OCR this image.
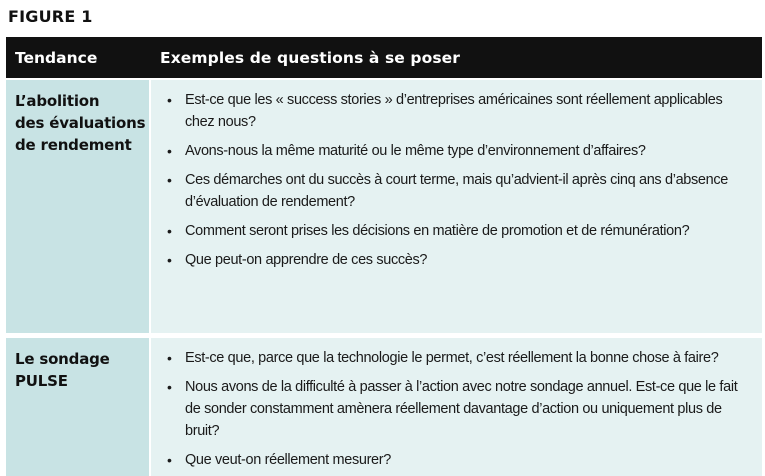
FIGURE 1
Tendance	Exemples de questions à se poser
L’abolition
des évaluations
de rendement
• Est-ce que les « success stories » d’entreprises américaines sont réellement applicables chez nous?
• Avons-nous la même maturité ou le même type d’environnement d’affaires?
• Ces démarches ont du succès à court terme, mais qu’advient-il après cinq ans d’absence d’évaluation de rendement?
• Comment seront prises les décisions en matière de promotion et de rémunération?
• Que peut-on apprendre de ces succès?
Le sondage
PULSE
• Est-ce que, parce que la technologie le permet, c’est réellement la bonne chose à faire?
• Nous avons de la difficulté à passer à l’action avec notre sondage annuel. Est-ce que le fait de sonder constamment amènera réellement davantage d’action ou uniquement plus de bruit?
• Que veut-on réellement mesurer?
